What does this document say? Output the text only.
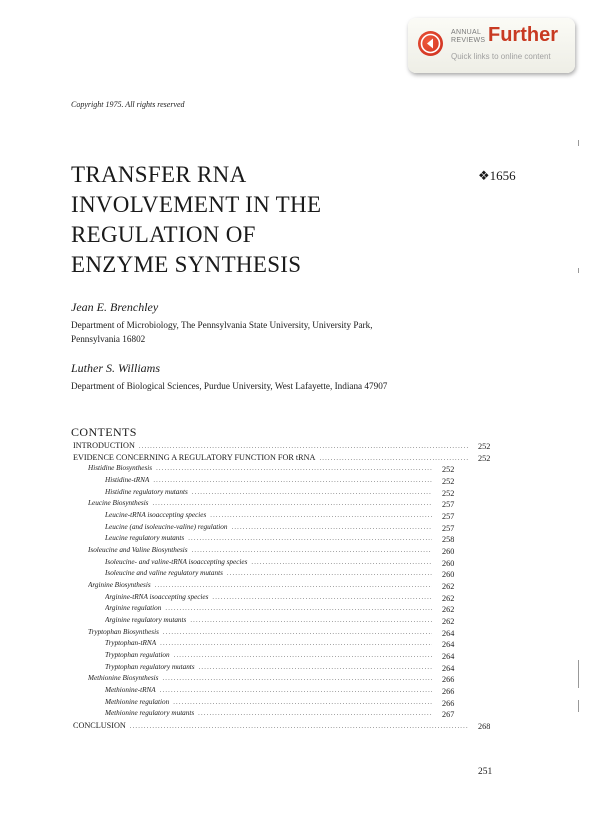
ANNUAL
REVIEWS Further
Quick links to online content
Copyright 1975. All rights reserved
TRANSFER RNA
INVOLVEMENT IN THE
REGULATION OF
ENZYME SYNTHESIS
❖1656
Jean E. Brenchley
Department of Microbiology, The Pennsylvania State University, University Park,
Pennsylvania 16802
Luther S. Williams
Department of Biological Sciences, Purdue University, West Lafayette, Indiana 47907
CONTENTS
INTRODUCTION .....	252
EVIDENCE CONCERNING A REGULATORY FUNCTION FOR tRNA .....	252
Histidine Biosynthesis .....	252
Histidine-tRNA .....	252
Histidine regulatory mutants .....	252
Leucine Biosynthesis .....	257
Leucine-tRNA isoaccepting species .....	257
Leucine (and isoleucine-valine) regulation .....	257
Leucine regulatory mutants .....	258
Isoleucine and Valine Biosynthesis .....	260
Isoleucine- and valine-tRNA isoaccepting species .....	260
Isoleucine and valine regulatory mutants .....	260
Arginine Biosynthesis .....	262
Arginine-tRNA isoaccepting species .....	262
Arginine regulation .....	262
Arginine regulatory mutants .....	262
Tryptophan Biosynthesis .....	264
Tryptophan-tRNA .....	264
Tryptophan regulation .....	264
Tryptophan regulatory mutants .....	264
Methionine Biosynthesis .....	266
Methionine-tRNA .....	266
Methionine regulation .....	266
Methionine regulatory mutants .....	267
CONCLUSION .....	268
251
